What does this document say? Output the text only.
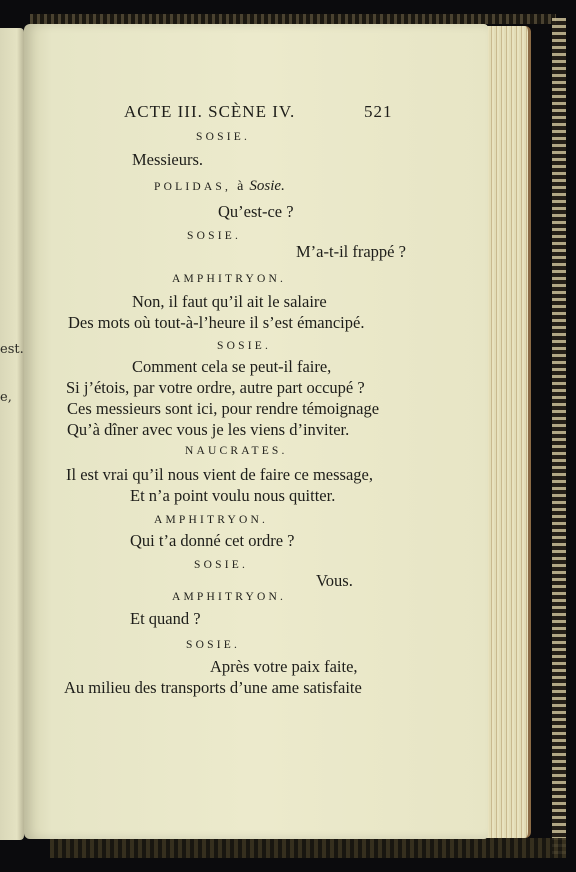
est.
e,
ACTE III. SCÈNE IV.	521
SOSIE.
Messieurs.
POLIDAS, à Sosie.
Qu’est-ce ?
SOSIE.
M’a-t-il frappé ?
AMPHITRYON.
Non, il faut qu’il ait le salaire
Des mots où tout-à-l’heure il s’est émancipé.
SOSIE.
Comment cela se peut-il faire,
Si j’étois, par votre ordre, autre part occupé ?
Ces messieurs sont ici, pour rendre témoignage
Qu’à dîner avec vous je les viens d’inviter.
NAUCRATES.
Il est vrai qu’il nous vient de faire ce message,
Et n’a point voulu nous quitter.
AMPHITRYON.
Qui t’a donné cet ordre ?
SOSIE.
Vous.
AMPHITRYON.
Et quand ?
SOSIE.
Après votre paix faite,
Au milieu des transports d’une ame satisfaite
